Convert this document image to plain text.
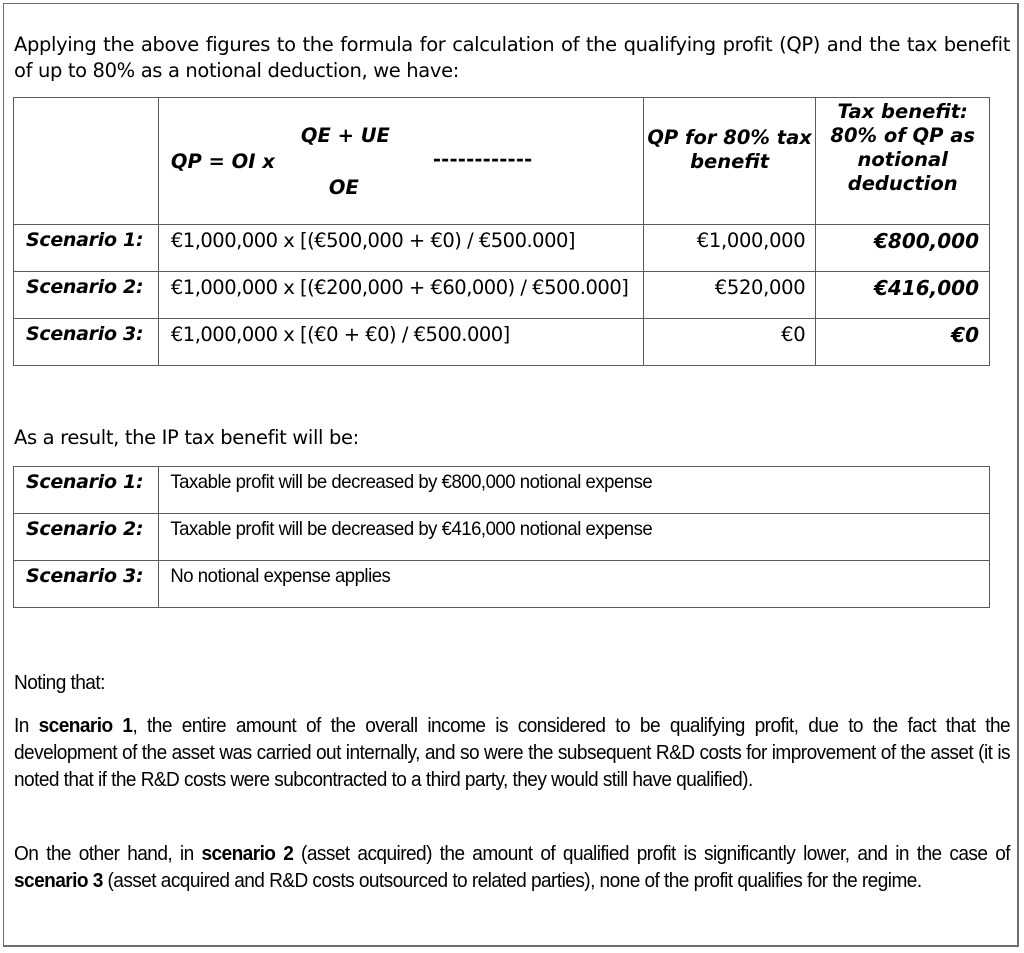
Applying the above figures to the formula for calculation of the qualifying profit (QP) and the tax benefit of up to 80% as a notional deduction, we have:

	QP = OI x
QE + UE
------------
OE	QP for 80% tax benefit	Tax benefit: 80% of QP as notional deduction

Scenario 1:	€1,000,000 x [(€500,000 + €0) / €500.000]	€1,000,000	€800,000

Scenario 2:	€1,000,000 x [(€200,000 + €60,000) / €500.000]	€520,000	€416,000

Scenario 3:	€1,000,000 x [(€0 + €0) / €500.000]	€0	€0
As a result, the IP tax benefit will be:
Scenario 1:	Taxable profit will be decreased by €800,000 notional expense

Scenario 2:	Taxable profit will be decreased by €416,000 notional expense

Scenario 3:	No notional expense applies
Noting that:
In scenario 1, the entire amount of the overall income is considered to be qualifying profit, due to the fact that the development of the asset was carried out internally, and so were the subsequent R&D costs for improvement of the asset (it is noted that if the R&D costs were subcontracted to a third party, they would still have qualified).
On the other hand, in scenario 2 (asset acquired) the amount of qualified profit is significantly lower, and in the case of scenario 3 (asset acquired and R&D costs outsourced to related parties), none of the profit qualifies for the regime.
